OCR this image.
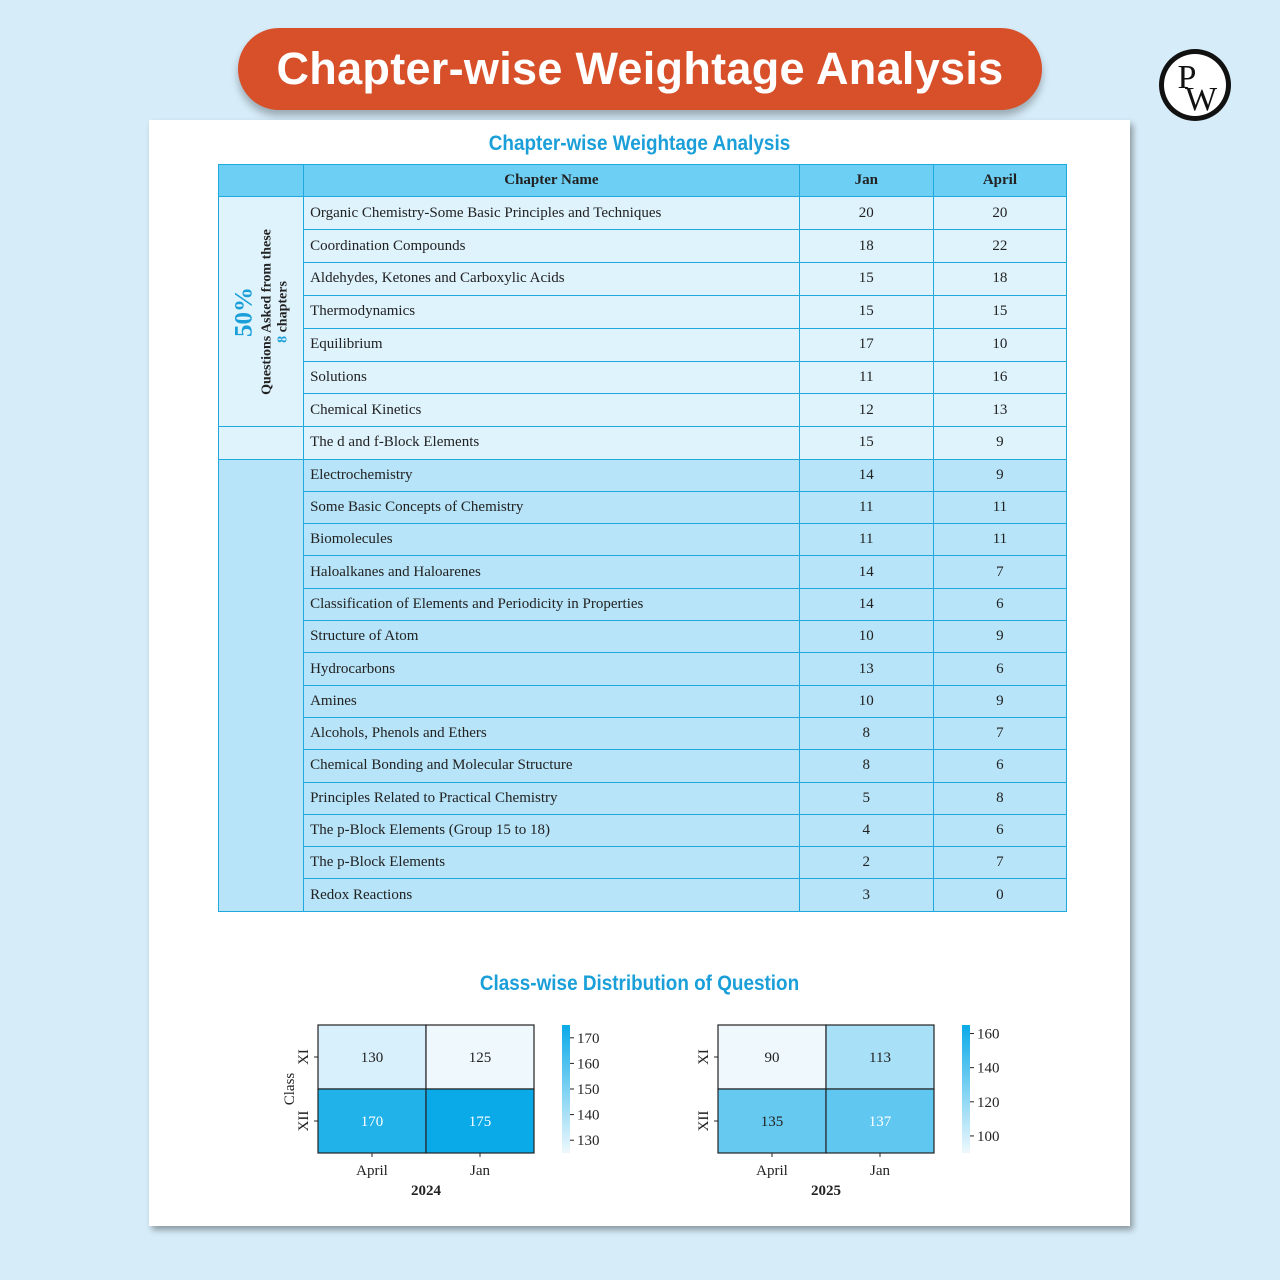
Chapter-wise Weightage Analysis	P
W
Chapter-wise Weightage Analysis
	Chapter Name	Jan	April

50% Questions Asked from these 8 chapters	Organic Chemistry-Some Basic Principles and Techniques	20	20
	Coordination Compounds	18	22
	Aldehydes, Ketones and Carboxylic Acids	15	18
	Thermodynamics	15	15
	Equilibrium	17	10
	Solutions	11	16
	Chemical Kinetics	12	13
	The d and f-Block Elements	15	9
	Electrochemistry	14	9
	Some Basic Concepts of Chemistry	11	11
	Biomolecules	11	11
	Haloalkanes and Haloarenes	14	7
	Classification of Elements and Periodicity in Properties	14	6
	Structure of Atom	10	9
	Hydrocarbons	13	6
	Amines	10	9
	Alcohols, Phenols and Ethers	8	7
	Chemical Bonding and Molecular Structure	8	6
	Principles Related to Practical Chemistry	5	8
	The p-Block Elements (Group 15 to 18)	4	6
	The p-Block Elements	2	7
	Redox Reactions	3	0
Class-wise Distribution of Question
130	125
170	175
XI
XII
April	Jan
2024
Class
130
140
150
160
170
90	113
135	137
XI
XII
April	Jan
2025
100
120
140
160
